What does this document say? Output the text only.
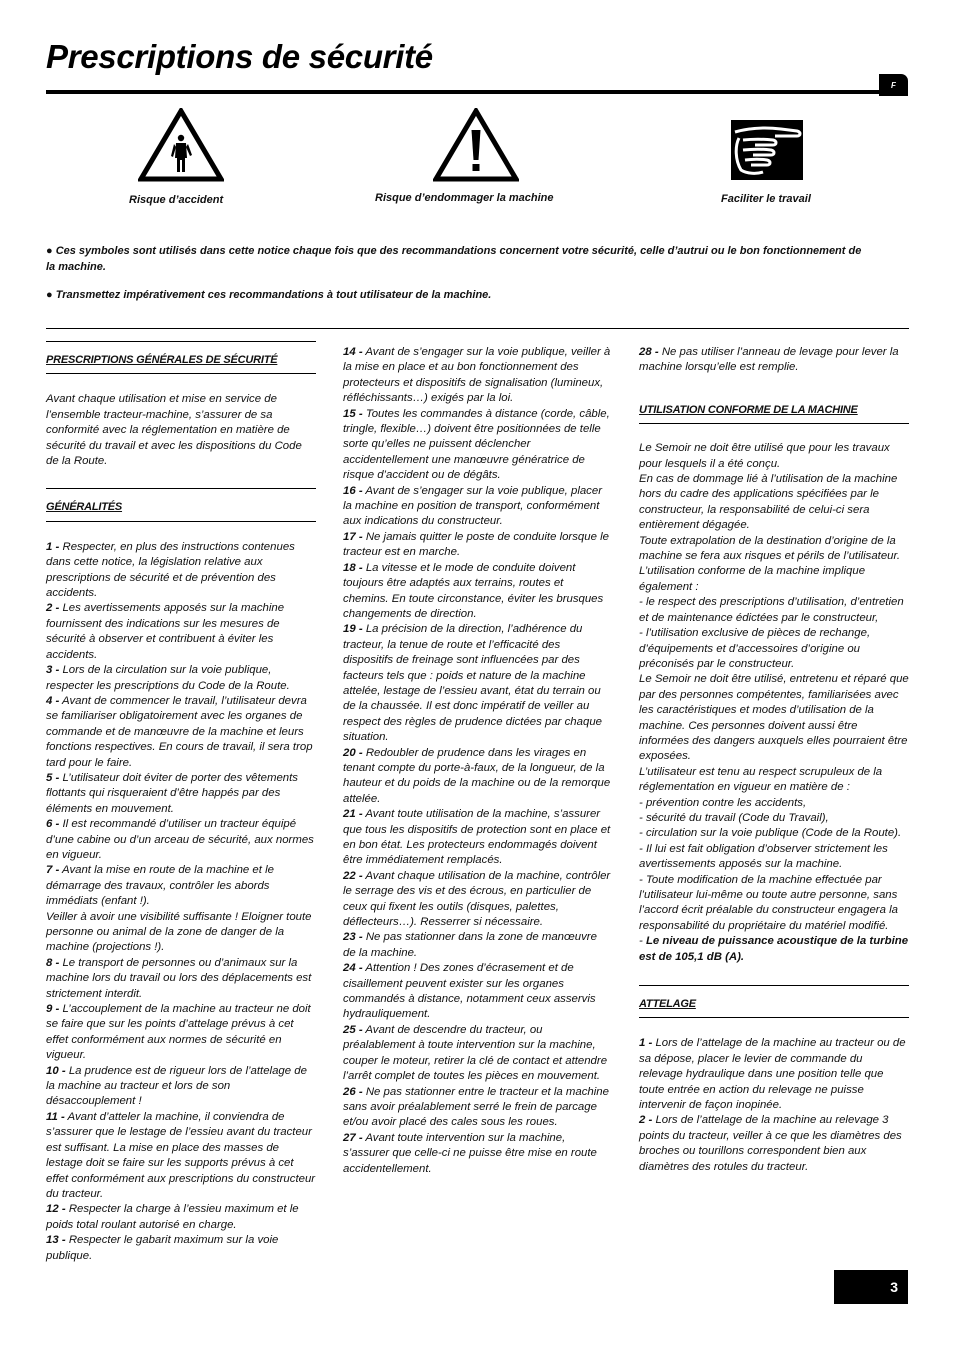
Prescriptions de sécurité
F
Risque d’accident	Risque d’endommager la machine	Faciliter le travail
● Ces symboles sont utilisés dans cette notice chaque fois que des recommandations concernent votre sécurité, celle d’autrui ou le bon fonctionnement de la machine.
● Transmettez impérativement ces recommandations à tout utilisateur de la machine.
PRESCRIPTIONS GÉNÉRALES DE SÉCURITÉ

Avant chaque utilisation et mise en service de l’ensemble tracteur-machine, s’assurer de sa conformité avec la réglementation en matière de sécurité du travail et avec les dispositions du Code de la Route.

GÉNÉRALITÉS

1 - Respecter, en plus des instructions contenues dans cette notice, la législation relative aux prescriptions de sécurité et de prévention des accidents.

2 - Les avertissements apposés sur la machine fournissent des indications sur les mesures de sécurité à observer et contribuent à éviter les accidents.

3 - Lors de la circulation sur la voie publique, respecter les prescriptions du Code de la Route.

4 - Avant de commencer le travail, l’utilisateur devra se familiariser obligatoirement avec les organes de commande et de manœuvre de la machine et leurs fonctions respectives. En cours de travail, il sera trop tard pour le faire.

5 - L’utilisateur doit éviter de porter des vêtements flottants qui risqueraient d’être happés par des éléments en mouvement.

6 - Il est recommandé d’utiliser un tracteur équipé d’une cabine ou d’un arceau de sécurité, aux normes en vigueur.

7 - Avant la mise en route de la machine et le démarrage des travaux, contrôler les abords immédiats (enfant !).

Veiller à avoir une visibilité suffisante ! Eloigner toute personne ou animal de la zone de danger de la machine (projections !).

8 - Le transport de personnes ou d’animaux sur la machine lors du travail ou lors des déplacements est strictement interdit.

9 - L’accouplement de la machine au tracteur ne doit se faire que sur les points d’attelage prévus à cet effet conformément aux normes de sécurité en vigueur.

10 - La prudence est de rigueur lors de l’attelage de la machine au tracteur et lors de son désaccouplement !

11 - Avant d’atteler la machine, il conviendra de s’assurer que le lestage de l’essieu avant du tracteur est suffisant. La mise en place des masses de lestage doit se faire sur les supports prévus à cet effet conformément aux prescriptions du constructeur du tracteur.

12 - Respecter la charge à l’essieu maximum et le poids total roulant autorisé en charge.

13 - Respecter le gabarit maximum sur la voie publique.

14 - Avant de s’engager sur la voie publique, veiller à la mise en place et au bon fonctionnement des protecteurs et dispositifs de signalisation (lumineux, réfléchissants…) exigés par la loi.

15 - Toutes les commandes à distance (corde, câble, tringle, flexible…) doivent être positionnées de telle sorte qu’elles ne puissent déclencher accidentellement une manœuvre génératrice de risque d’accident ou de dégâts.

16 - Avant de s’engager sur la voie publique, placer la machine en position de transport, conformément aux indications du constructeur.

17 - Ne jamais quitter le poste de conduite lorsque le tracteur est en marche.

18 - La vitesse et le mode de conduite doivent toujours être adaptés aux terrains, routes et chemins. En toute circonstance, éviter les brusques changements de direction.

19 - La précision de la direction, l’adhérence du tracteur, la tenue de route et l’efficacité des dispositifs de freinage sont influencées par des facteurs tels que : poids et nature de la machine attelée, lestage de l’essieu avant, état du terrain ou de la chaussée. Il est donc impératif de veiller au respect des règles de prudence dictées par chaque situation.

20 - Redoubler de prudence dans les virages en tenant compte du porte-à-faux, de la longueur, de la hauteur et du poids de la machine ou de la remorque attelée.

21 - Avant toute utilisation de la machine, s’assurer que tous les dispositifs de protection sont en place et en bon état. Les protecteurs endommagés doivent être immédiatement remplacés.

22 - Avant chaque utilisation de la machine, contrôler le serrage des vis et des écrous, en particulier de ceux qui fixent les outils (disques, palettes, déflecteurs…). Resserrer si nécessaire.

23 - Ne pas stationner dans la zone de manœuvre de la machine.

24 - Attention ! Des zones d’écrasement et de cisaillement peuvent exister sur les organes commandés à distance, notamment ceux asservis hydrauliquement.

25 - Avant de descendre du tracteur, ou préalablement à toute intervention sur la machine, couper le moteur, retirer la clé de contact et attendre l’arrêt complet de toutes les pièces en mouvement.

26 - Ne pas stationner entre le tracteur et la machine sans avoir préalablement serré le frein de parcage et/ou avoir placé des cales sous les roues.

27 - Avant toute intervention sur la machine, s’assurer que celle-ci ne puisse être mise en route accidentellement.

28 - Ne pas utiliser l’anneau de levage pour lever la machine lorsqu’elle est remplie.

UTILISATION CONFORME DE LA MACHINE

Le Semoir ne doit être utilisé que pour les travaux pour lesquels il a été conçu.

En cas de dommage lié à l’utilisation de la machine hors du cadre des applications spécifiées par le constructeur, la responsabilité de celui-ci sera entièrement dégagée.

Toute extrapolation de la destination d’origine de la machine se fera aux risques et périls de l’utilisateur.

L’utilisation conforme de la machine implique également :

- le respect des prescriptions d’utilisation, d’entretien et de maintenance édictées par le constructeur,

- l’utilisation exclusive de pièces de rechange, d’équipements et d’accessoires d’origine ou préconisés par le constructeur.

Le Semoir ne doit être utilisé, entretenu et réparé que par des personnes compétentes, familiarisées avec les caractéristiques et modes d’utilisation de la machine. Ces personnes doivent aussi être informées des dangers auxquels elles pourraient être exposées.

L’utilisateur est tenu au respect scrupuleux de la réglementation en vigueur en matière de :

- prévention contre les accidents,

- sécurité du travail (Code du Travail),

- circulation sur la voie publique (Code de la Route).

- Il lui est fait obligation d’observer strictement les avertissements apposés sur la machine.

- Toute modification de la machine effectuée par l’utilisateur lui-même ou toute autre personne, sans l’accord écrit préalable du constructeur engagera la responsabilité du propriétaire du matériel modifié.

- Le niveau de puissance acoustique de la turbine est de 105,1 dB (A).

ATTELAGE

1 - Lors de l’attelage de la machine au tracteur ou de sa dépose, placer le levier de commande du relevage hydraulique dans une position telle que toute entrée en action du relevage ne puisse intervenir de façon inopinée.

2 - Lors de l’attelage de la machine au relevage 3 points du tracteur, veiller à ce que les diamètres des broches ou tourillons correspondent bien aux diamètres des rotules du tracteur.

3
